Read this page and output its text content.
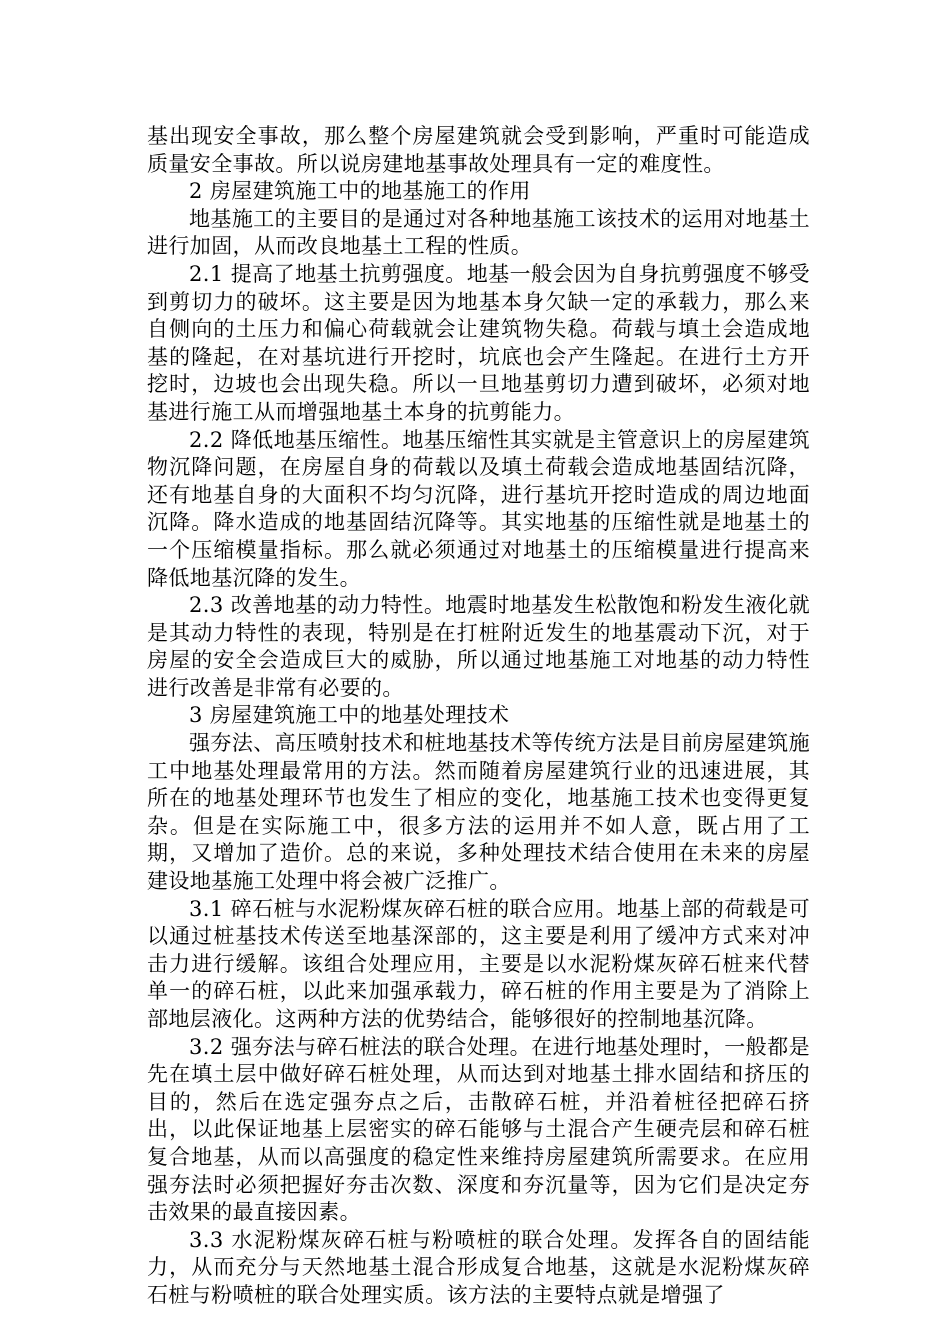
基出现安全事故，那么整个房屋建筑就会受到影响，严重时可能造成质量安全事故。所以说房建地基事故处理具有一定的难度性。

2 房屋建筑施工中的地基施工的作用

地基施工的主要目的是通过对各种地基施工该技术的运用对地基土进行加固，从而改良地基土工程的性质。

2.1 提高了地基土抗剪强度。地基一般会因为自身抗剪强度不够受到剪切力的破坏。这主要是因为地基本身欠缺一定的承载力，那么来自侧向的土压力和偏心荷载就会让建筑物失稳。荷载与填土会造成地基的隆起，在对基坑进行开挖时，坑底也会产生隆起。在进行土方开挖时，边坡也会出现失稳。所以一旦地基剪切力遭到破坏，必须对地基进行施工从而增强地基土本身的抗剪能力。

2.2 降低地基压缩性。地基压缩性其实就是主管意识上的房屋建筑物沉降问题，在房屋自身的荷载以及填土荷载会造成地基固结沉降，还有地基自身的大面积不均匀沉降，进行基坑开挖时造成的周边地面沉降。降水造成的地基固结沉降等。其实地基的压缩性就是地基土的一个压缩模量指标。那么就必须通过对地基土的压缩模量进行提高来降低地基沉降的发生。

2.3 改善地基的动力特性。地震时地基发生松散饱和粉发生液化就是其动力特性的表现，特别是在打桩附近发生的地基震动下沉，对于房屋的安全会造成巨大的威胁，所以通过地基施工对地基的动力特性进行改善是非常有必要的。

3 房屋建筑施工中的地基处理技术

强夯法、高压喷射技术和桩地基技术等传统方法是目前房屋建筑施工中地基处理最常用的方法。然而随着房屋建筑行业的迅速进展，其所在的地基处理环节也发生了相应的变化，地基施工技术也变得更复杂。但是在实际施工中，很多方法的运用并不如人意，既占用了工期，又增加了造价。总的来说，多种处理技术结合使用在未来的房屋建设地基施工处理中将会被广泛推广。

3.1 碎石桩与水泥粉煤灰碎石桩的联合应用。地基上部的荷载是可以通过桩基技术传送至地基深部的，这主要是利用了缓冲方式来对冲击力进行缓解。该组合处理应用，主要是以水泥粉煤灰碎石桩来代替单一的碎石桩，以此来加强承载力，碎石桩的作用主要是为了消除上部地层液化。这两种方法的优势结合，能够很好的控制地基沉降。

3.2 强夯法与碎石桩法的联合处理。在进行地基处理时，一般都是先在填土层中做好碎石桩处理，从而达到对地基土排水固结和挤压的目的，然后在选定强夯点之后，击散碎石桩，并沿着桩径把碎石挤出，以此保证地基上层密实的碎石能够与土混合产生硬壳层和碎石桩复合地基，从而以高强度的稳定性来维持房屋建筑所需要求。在应用强夯法时必须把握好夯击次数、深度和夯沉量等，因为它们是决定夯击效果的最直接因素。

3.3 水泥粉煤灰碎石桩与粉喷桩的联合处理。发挥各自的固结能力，从而充分与天然地基土混合形成复合地基，这就是水泥粉煤灰碎石桩与粉喷桩的联合处理实质。该方法的主要特点就是增强了
